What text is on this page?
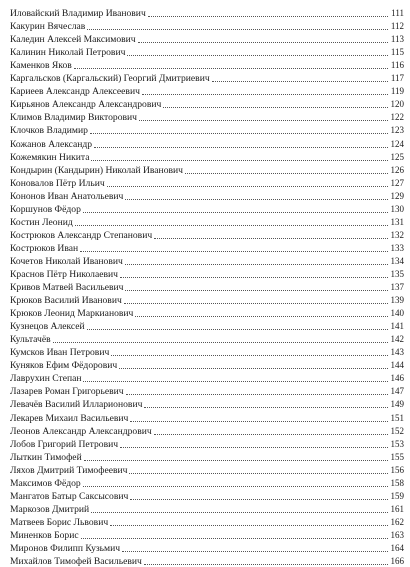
Иловайский Владимир Иванович	111
Какурин Вячеслав	112
Каледин Алексей Максимович	113
Калинин Николай Петрович	115
Каменков Яков	116
Каргальсков (Каргальский) Георгий Дмитриевич	117
Кариеев Александр Алексеевич	119
Кирьянов Александр Александрович	120
Климов Владимир Викторович	122
Клочков Владимир	123
Кожанов Александр	124
Кожемякин Никита	125
Кондырин (Кандырин) Николай Иванович	126
Коновалов Пётр Ильич	127
Кононов Иван Анатольевич	129
Коршунов Фёдор	130
Костин Леонид	131
Кострюков Александр Степанович	132
Кострюков Иван	133
Кочетов Николай Иванович	134
Краснов Пётр Николаевич	135
Кривов Матвей Васильевич	137
Крюков Василий Иванович	139
Крюков Леонид Маркианович	140
Кузнецов Алексей	141
Культачёв	142
Кумсков Иван Петрович	143
Куняков Ефим Фёдорович	144
Лаврухин Степан	146
Лазарев Роман Григорьевич	147
Левачёв Василий Илларионович	149
Лекарев Михаил Васильевич	151
Леонов Александр Александрович	152
Лобов Григорий Петрович	153
Лыткин Тимофей	155
Ляхов Дмитрий Тимофеевич	156
Максимов Фёдор	158
Мангатов Батыр Саксысович	159
Маркозов Дмитрий	161
Матвеев Борис Львович	162
Миненков Борис	163
Миронов Филипп Кузьмич	164
Михайлов Тимофей Васильевич	166
